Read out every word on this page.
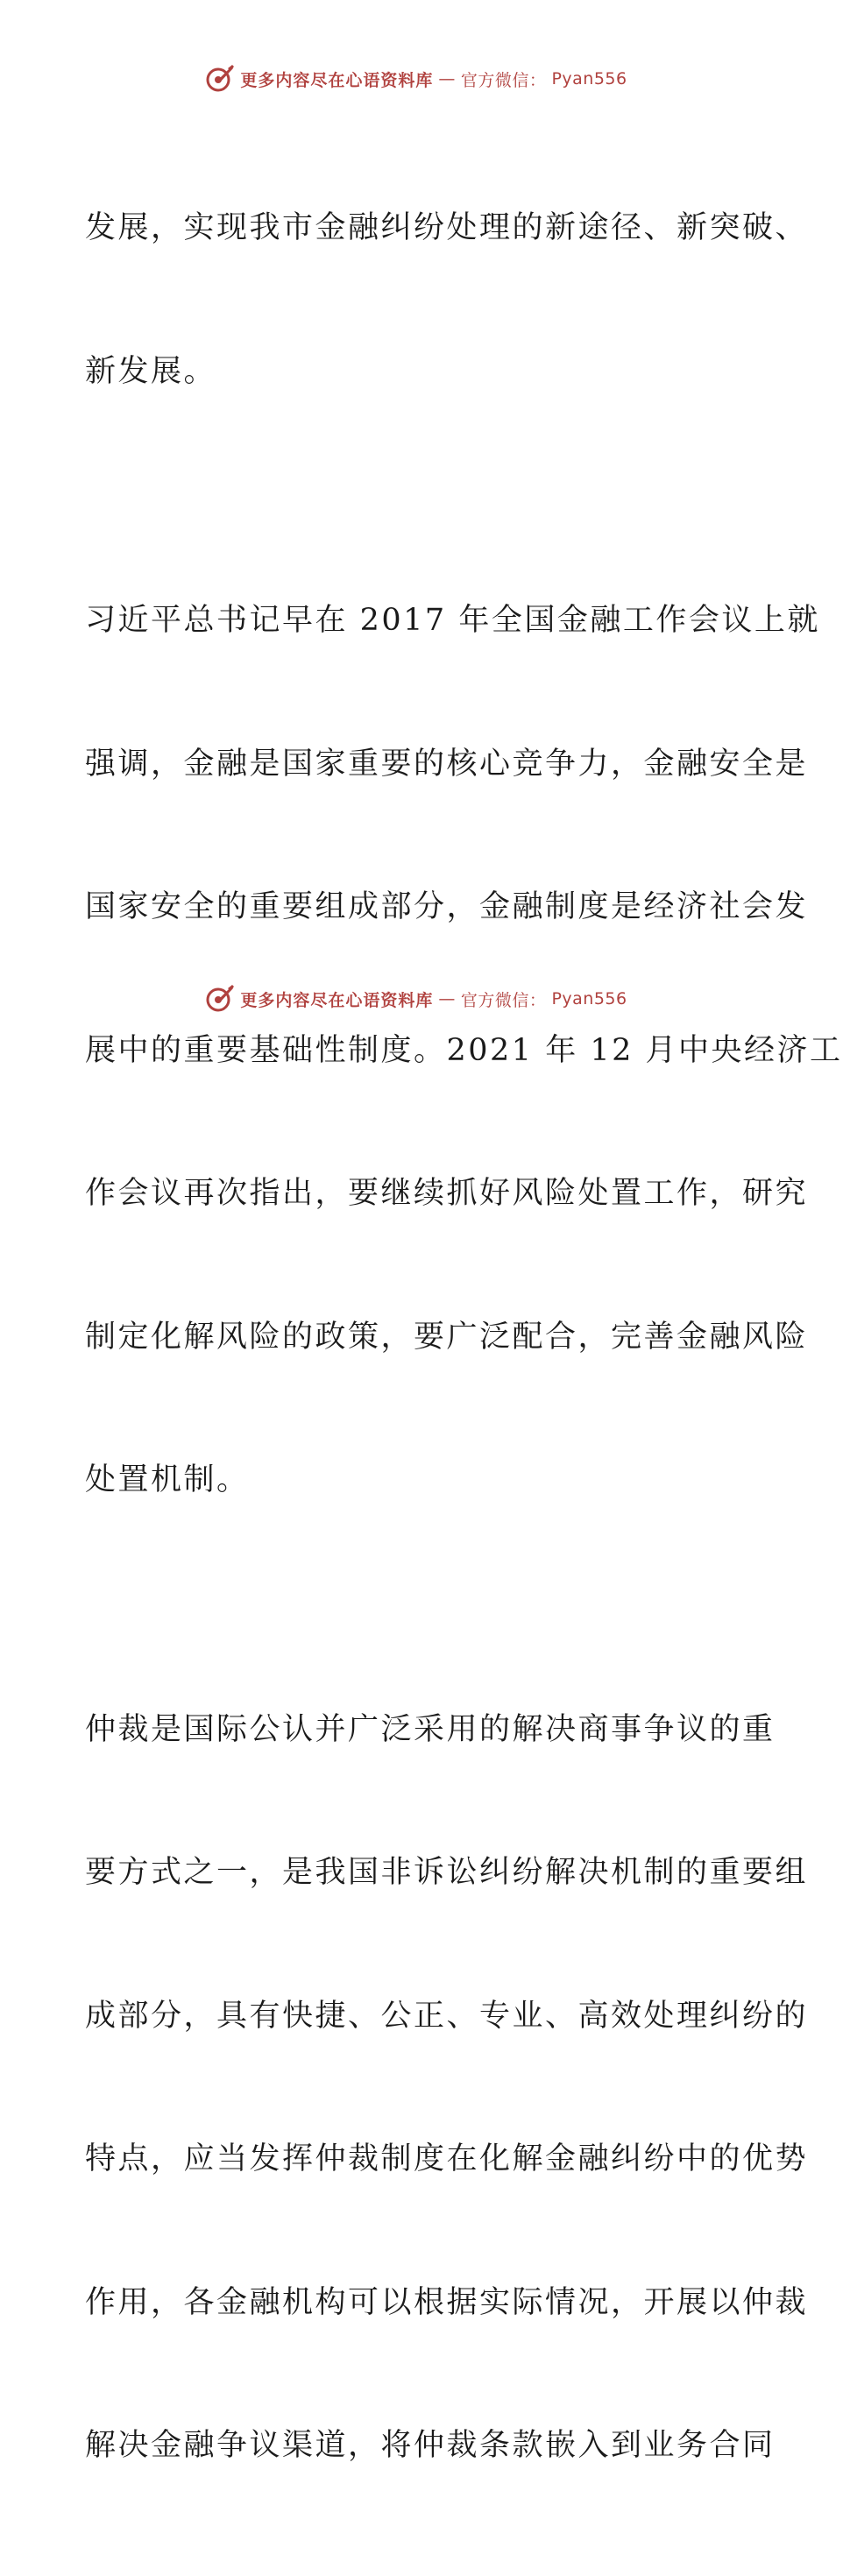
更多内容尽在心语资料库 — 官方微信： Pyan556

发展，实现我市金融纠纷处理的新途径、新突破、

新发展。

习近平总书记早在 2017 年全国金融工作会议上就

强调，金融是国家重要的核心竞争力，金融安全是

国家安全的重要组成部分，金融制度是经济社会发

展中的重要基础性制度。2021 年 12 月中央经济工

作会议再次指出，要继续抓好风险处置工作，研究

制定化解风险的政策，要广泛配合，完善金融风险

处置机制。

仲裁是国际公认并广泛采用的解决商事争议的重

要方式之一，是我国非诉讼纠纷解决机制的重要组

成部分，具有快捷、公正、专业、高效处理纠纷的

特点，应当发挥仲裁制度在化解金融纠纷中的优势

作用，各金融机构可以根据实际情况，开展以仲裁

解决金融争议渠道，将仲裁条款嵌入到业务合同

更多内容尽在心语资料库 — 官方微信： Pyan556
